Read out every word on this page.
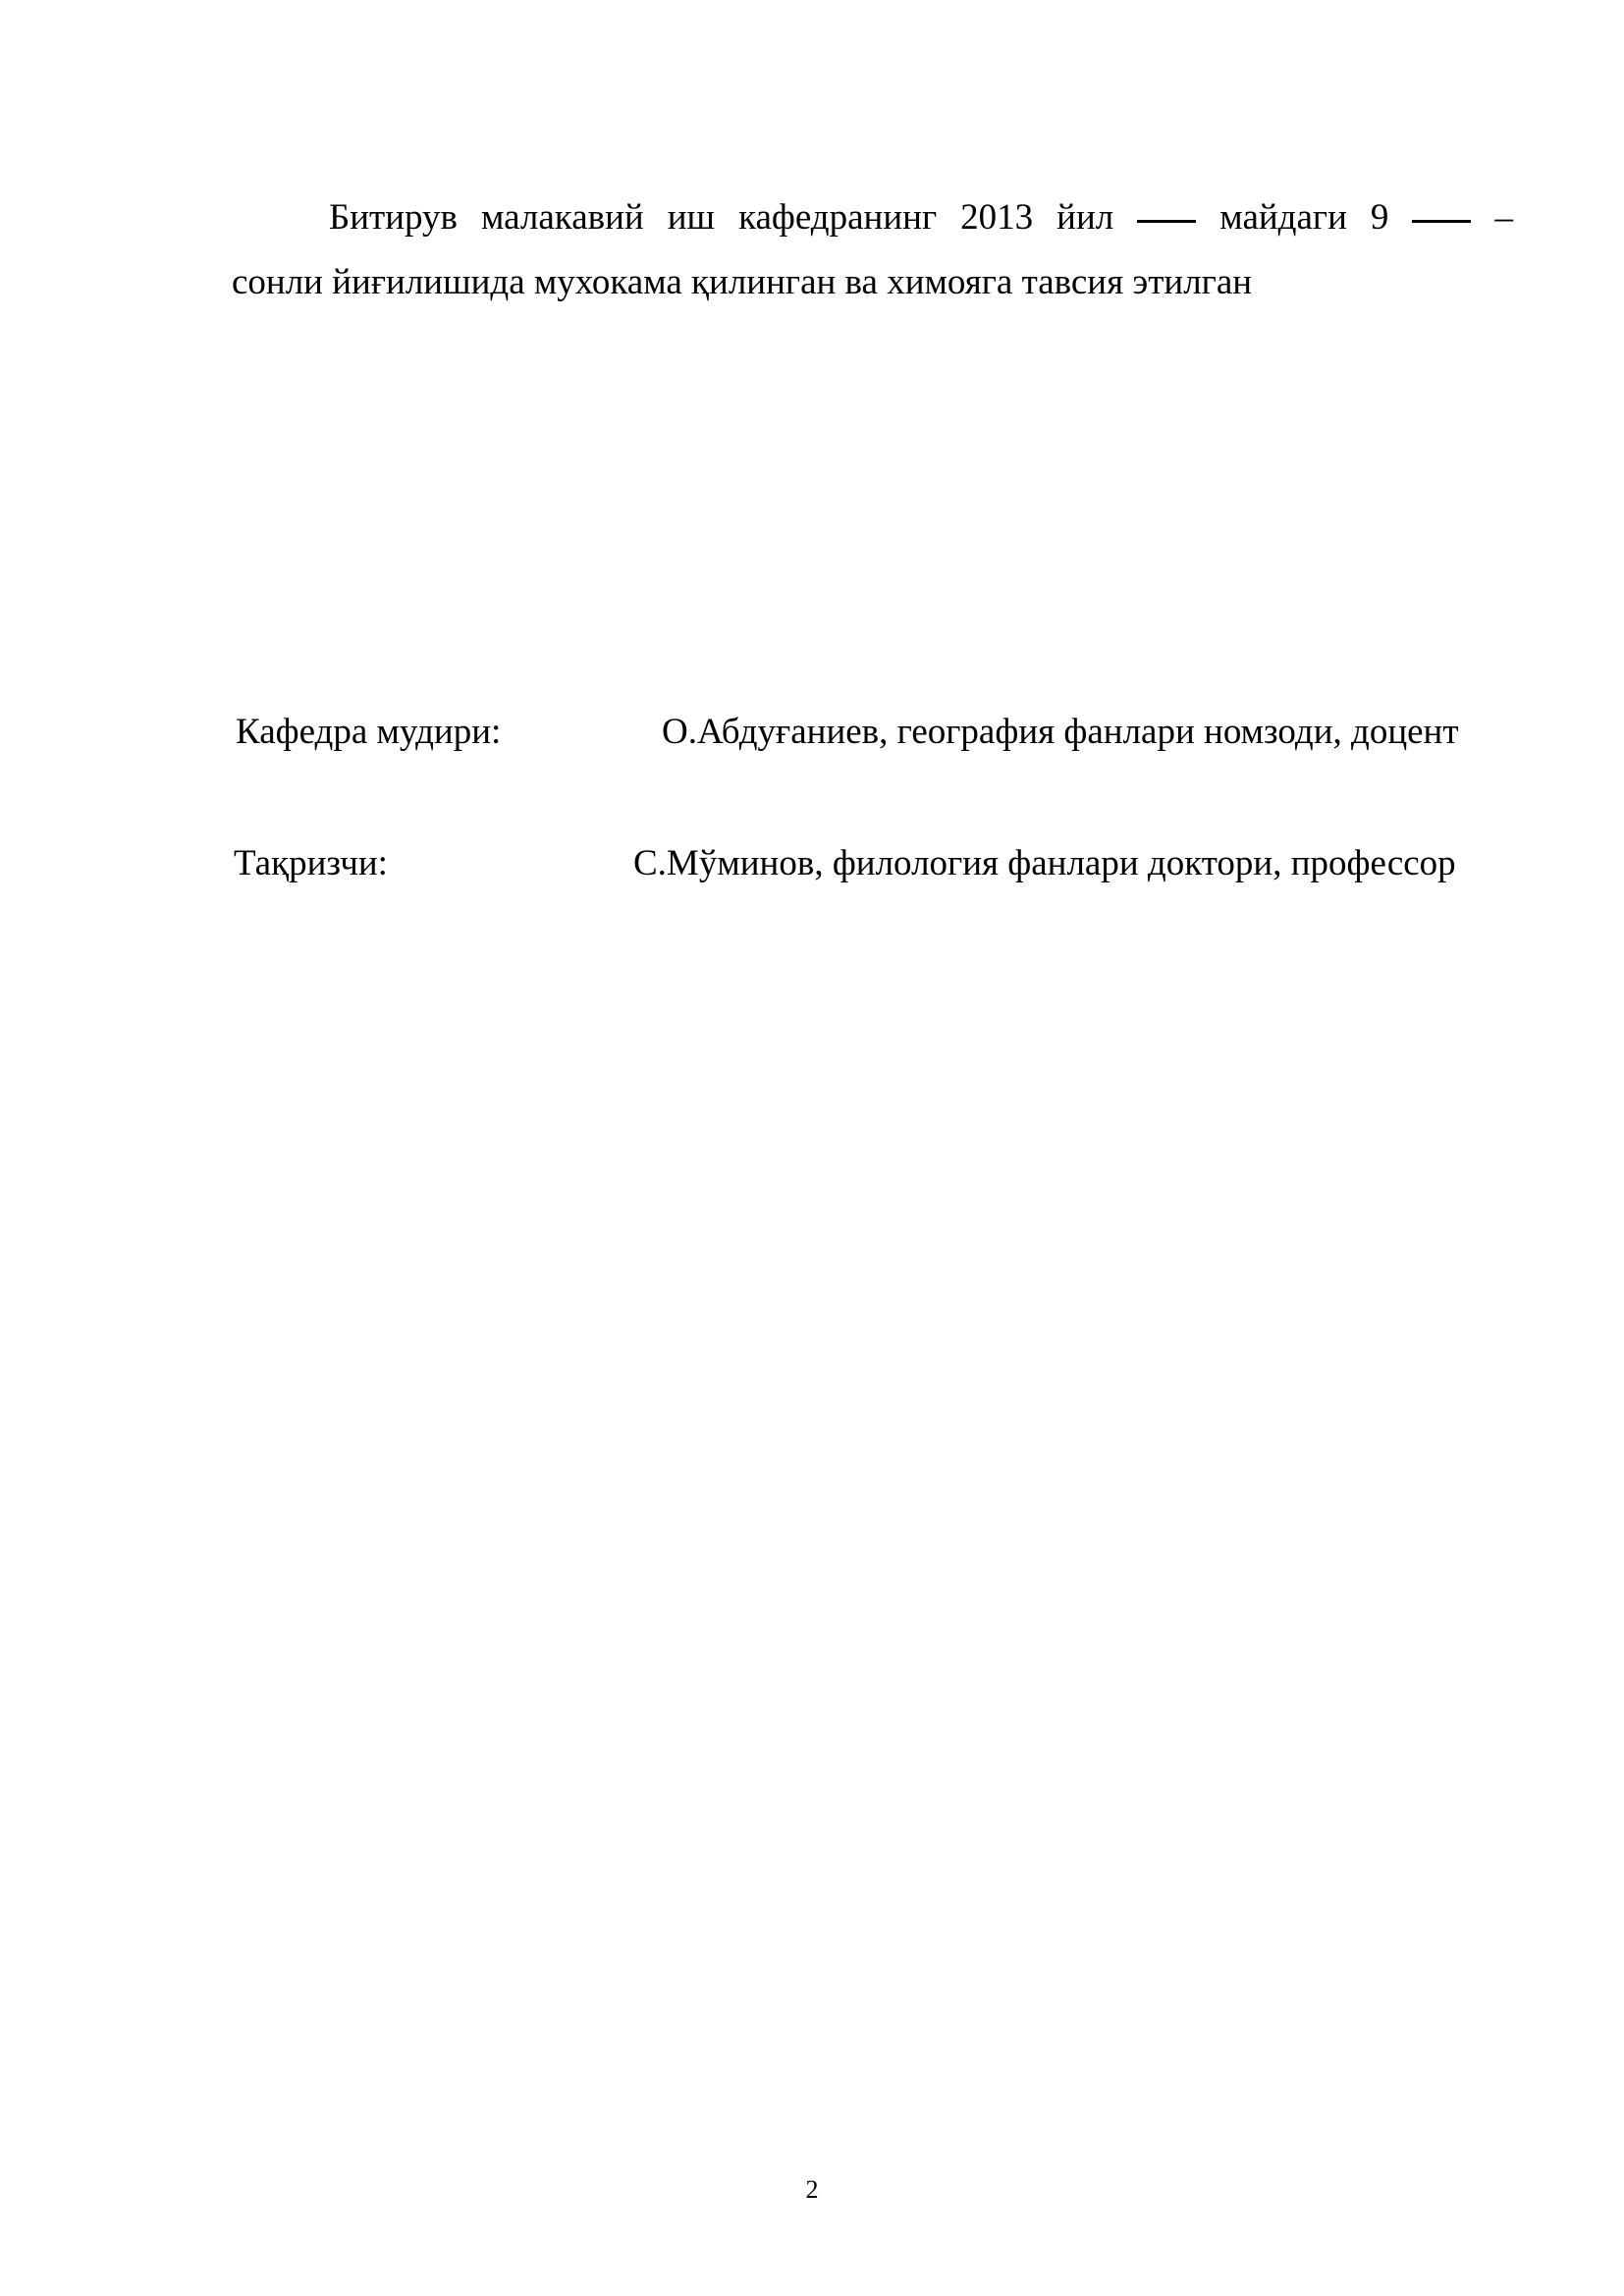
Битирув малакавий иш кафедранинг 2013 йил	майдаги 9	–
сонли йиғилишида мухокама қилинган ва химояга тавсия этилган
Кафедра мудири:	О.Абдуғаниев, география фанлари номзоди, доцент
Тақризчи:	С.Мўминов, филология фанлари доктори, профессор
2
